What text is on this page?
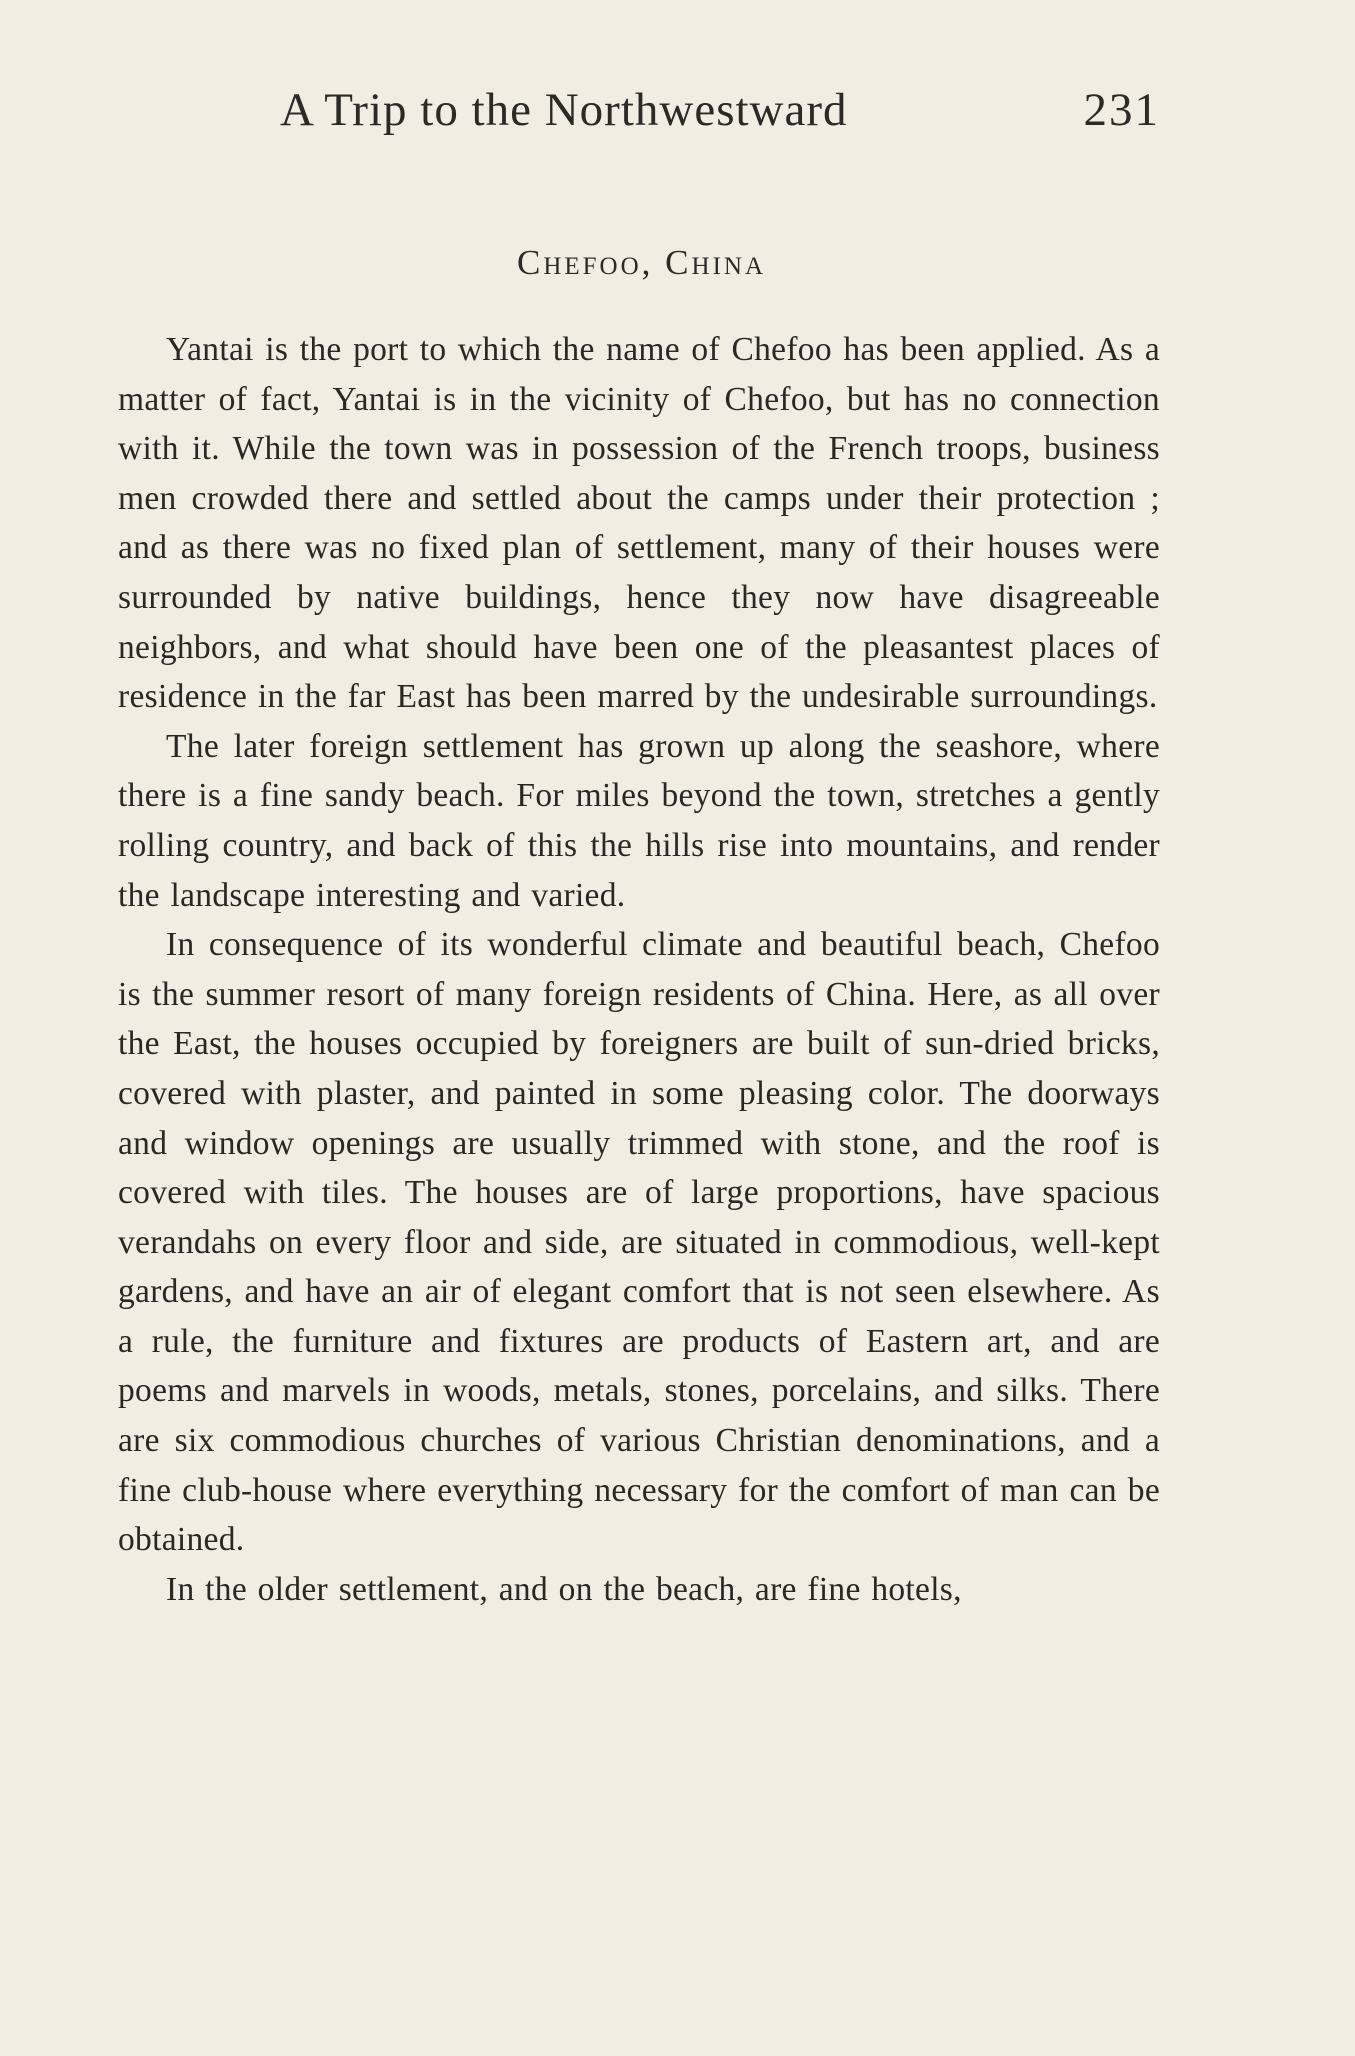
A Trip to the Northwestward	231
Chefoo, China

Yantai is the port to which the name of Chefoo has been applied. As a matter of fact, Yantai is in the vicinity of Chefoo, but has no connection with it. While the town was in possession of the French troops, business men crowded there and settled about the camps under their protection ; and as there was no fixed plan of settlement, many of their houses were surrounded by native buildings, hence they now have disagreeable neighbors, and what should have been one of the pleasantest places of residence in the far East has been marred by the undesirable surroundings.

The later foreign settlement has grown up along the seashore, where there is a fine sandy beach. For miles beyond the town, stretches a gently rolling country, and back of this the hills rise into mountains, and render the landscape interesting and varied.

In consequence of its wonderful climate and beautiful beach, Chefoo is the summer resort of many foreign residents of China. Here, as all over the East, the houses occupied by foreigners are built of sun-dried bricks, covered with plaster, and painted in some pleasing color. The doorways and window openings are usually trimmed with stone, and the roof is covered with tiles. The houses are of large proportions, have spacious verandahs on every floor and side, are situated in commodious, well-kept gardens, and have an air of elegant comfort that is not seen elsewhere. As a rule, the furniture and fixtures are products of Eastern art, and are poems and marvels in woods, metals, stones, porcelains, and silks. There are six commodious churches of various Christian denominations, and a fine club-house where everything necessary for the comfort of man can be obtained.

In the older settlement, and on the beach, are fine hotels,
